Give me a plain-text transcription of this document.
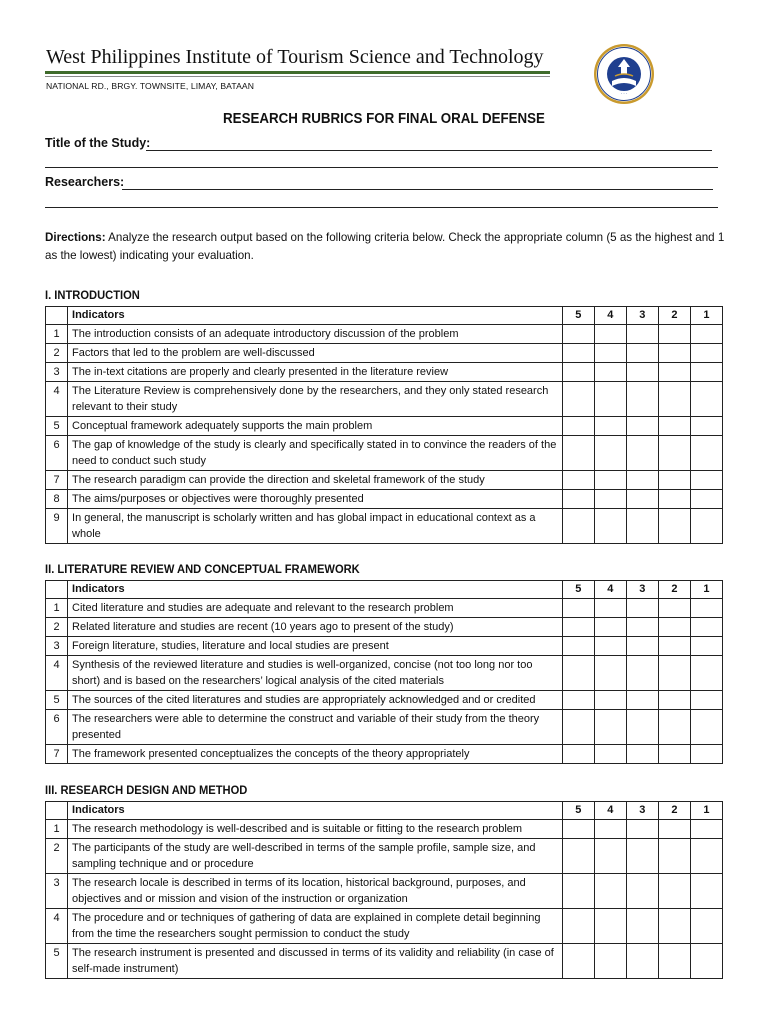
West Philippines Institute of Tourism Science and Technology
NATIONAL RD., BRGY. TOWNSITE, LIMAY, BATAAN
· · ·
RESEARCH RUBRICS FOR FINAL ORAL DEFENSE
Title of the Study:
Researchers:
Directions: Analyze the research output based on the following criteria below. Check the appropriate column (5 as the highest and 1 as the lowest) indicating your evaluation.
I. INTRODUCTION
	Indicators	5	4	3	2	1
1	The introduction consists of an adequate introductory discussion of the problem					
2	Factors that led to the problem are well-discussed					
3	The in-text citations are properly and clearly presented in the literature review					
4	The Literature Review is comprehensively done by the researchers, and they only stated research relevant to their study					
5	Conceptual framework adequately supports the main problem					
6	The gap of knowledge of the study is clearly and specifically stated in to convince the readers of the need to conduct such study					
7	The research paradigm can provide the direction and skeletal framework of the study					
8	The aims/purposes or objectives were thoroughly presented					
9	In general, the manuscript is scholarly written and has global impact in educational context as a whole					
II. LITERATURE REVIEW AND CONCEPTUAL FRAMEWORK
	Indicators	5	4	3	2	1
1	Cited literature and studies are adequate and relevant to the research problem					
2	Related literature and studies are recent (10 years ago to present of the study)					
3	Foreign literature, studies, literature and local studies are present					
4	Synthesis of the reviewed literature and studies is well-organized, concise (not too long nor too short) and is based on the researchers’ logical analysis of the cited materials					
5	The sources of the cited literatures and studies are appropriately acknowledged and or credited					
6	The researchers were able to determine the construct and variable of their study from the theory presented					
7	The framework presented conceptualizes the concepts of the theory appropriately					
III. RESEARCH DESIGN AND METHOD
	Indicators	5	4	3	2	1
1	The research methodology is well-described and is suitable or fitting to the research problem					
2	The participants of the study are well-described in terms of the sample profile, sample size, and sampling technique and or procedure					
3	The research locale is described in terms of its location, historical background, purposes, and objectives and or mission and vision of the instruction or organization					
4	The procedure and or techniques of gathering of data are explained in complete detail beginning from the time the researchers sought permission to conduct the study					
5	The research instrument is presented and discussed in terms of its validity and reliability (in case of self-made instrument)					
